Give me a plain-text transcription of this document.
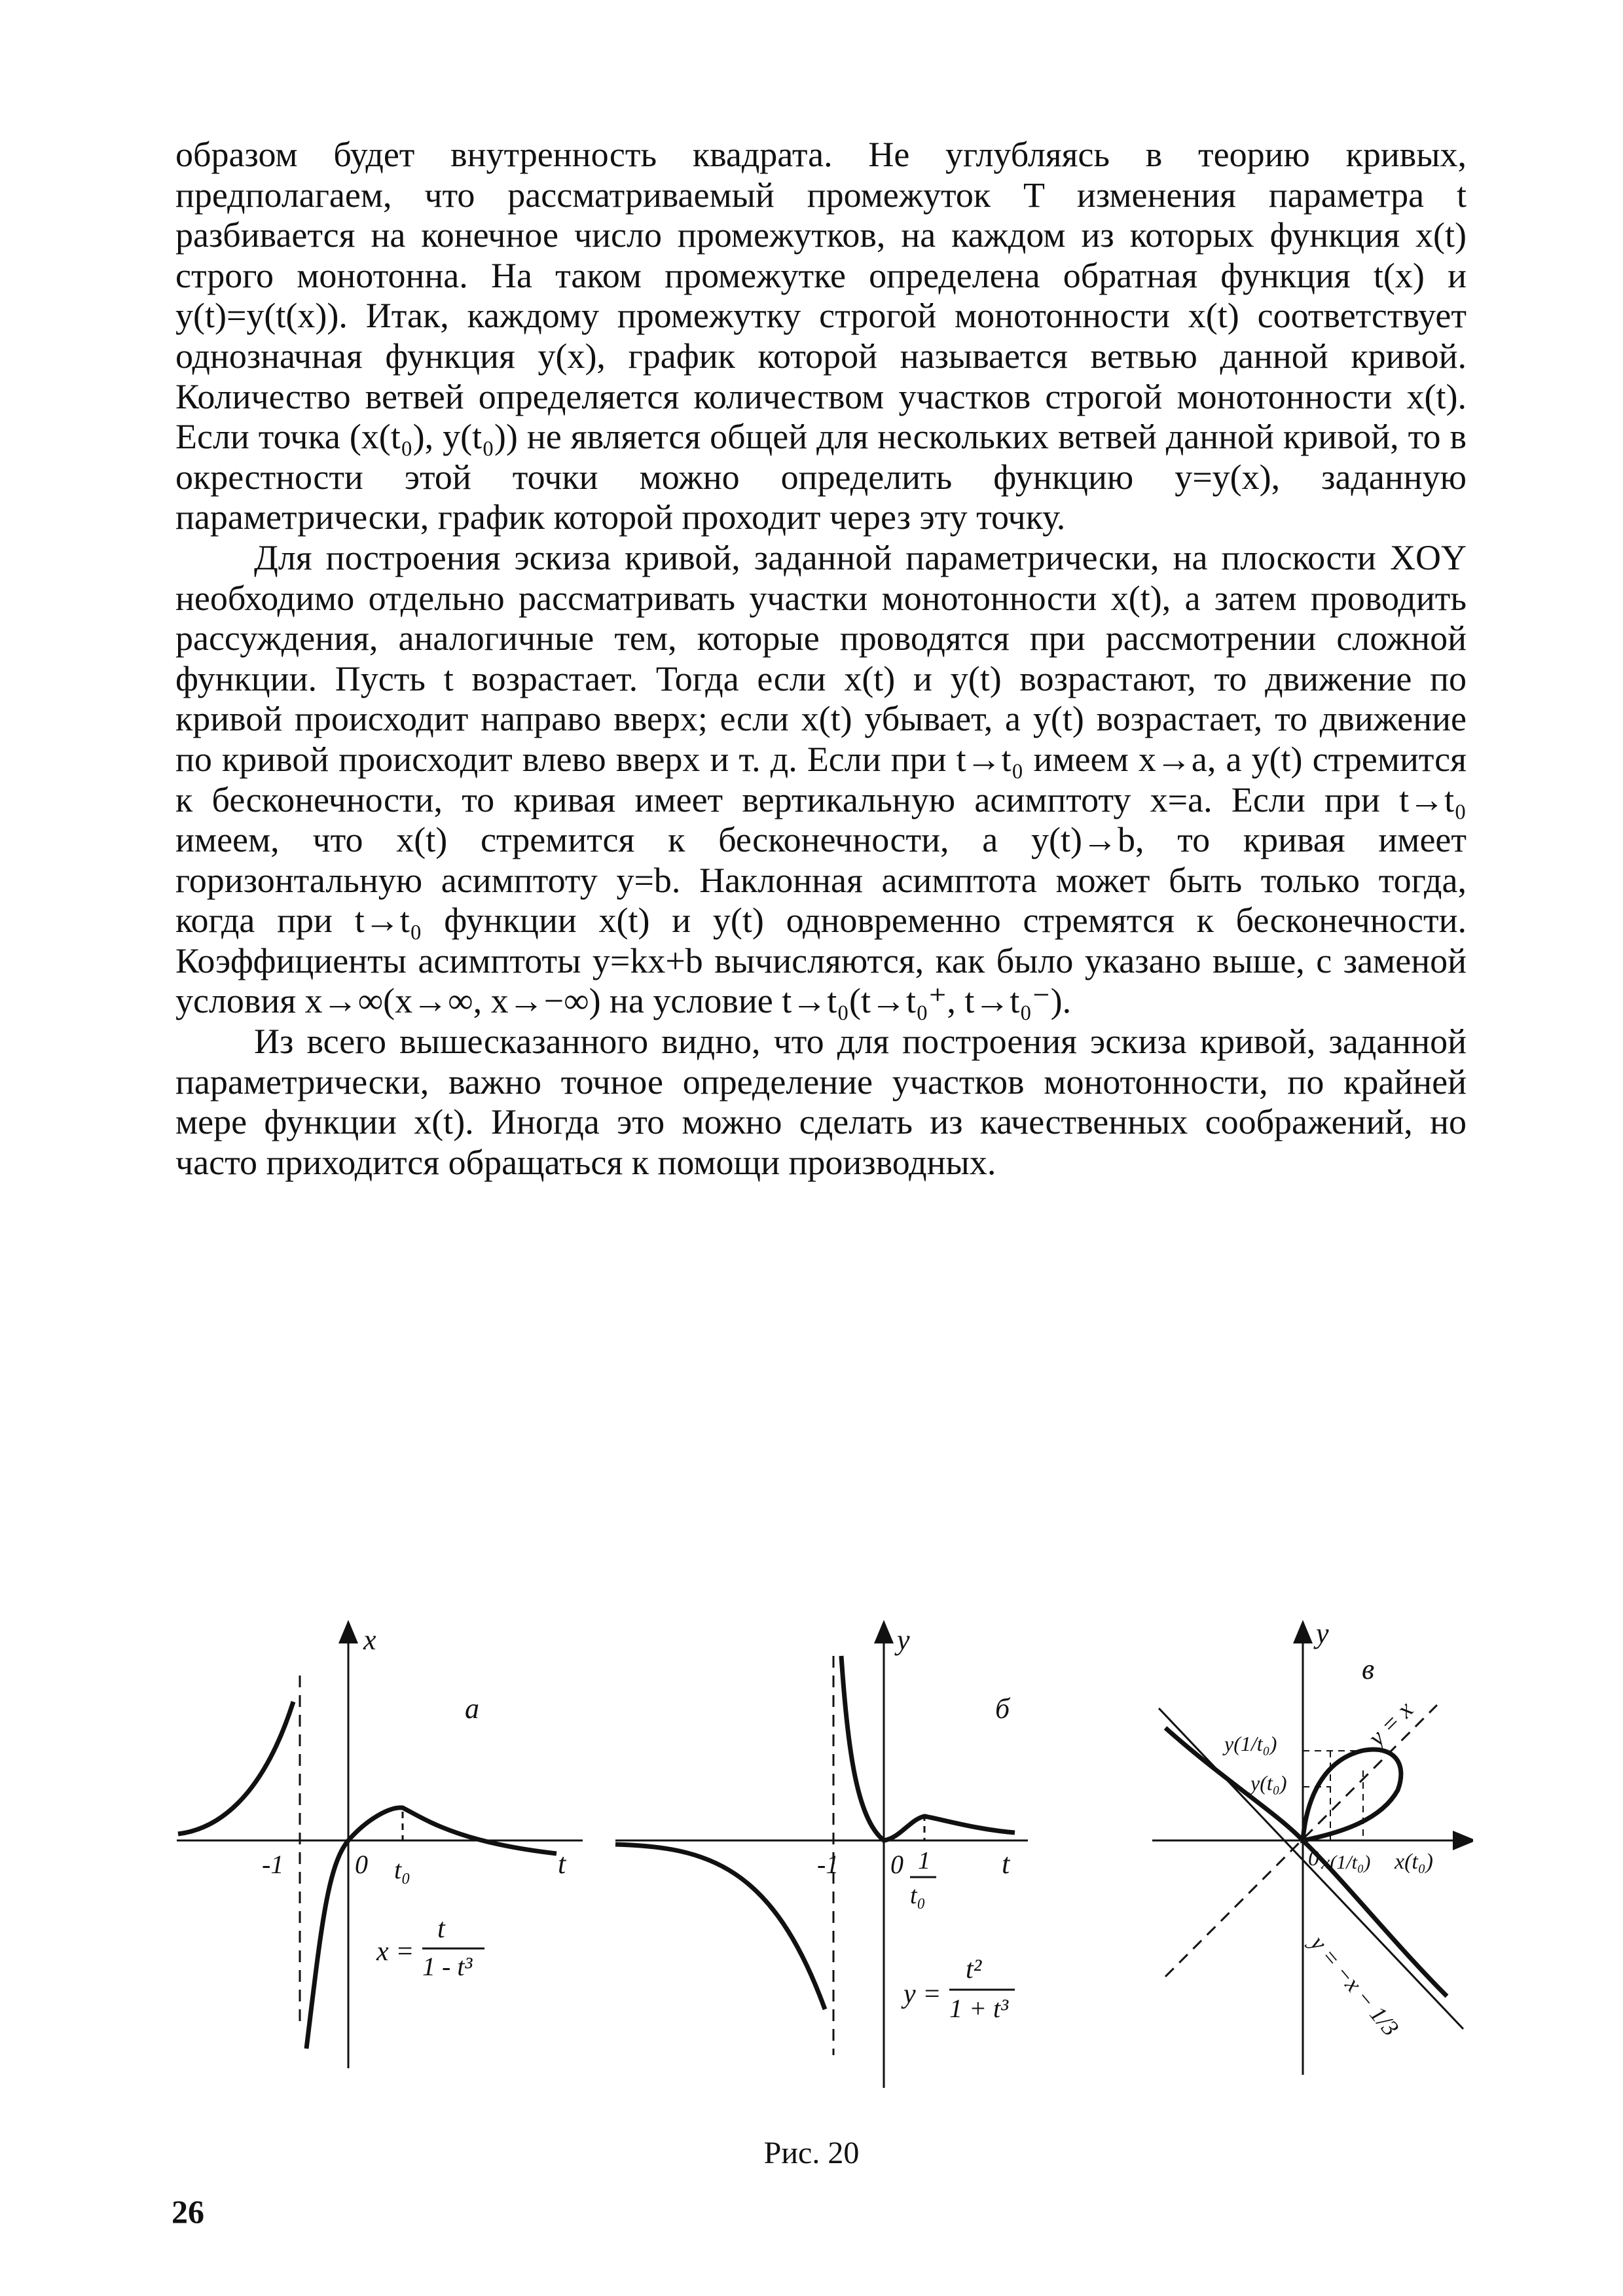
образом будет внутренность квадрата. Не углубляясь в теорию кривых, предполагаем, что рассматриваемый промежуток T изменения параметра t разбивается на конечное число промежутков, на каждом из которых функция x(t) строго монотонна. На таком промежутке определена обратная функция t(x) и y(t)=y(t(x)). Итак, каждому промежутку строгой монотонности x(t) соответствует однозначная функция y(x), график которой называется ветвью данной кривой. Количество ветвей определяется количеством участков строгой монотонности x(t). Если точка (x(t₀), y(t₀)) не является общей для нескольких ветвей данной кривой, то в окрестности этой точки можно определить функцию y=y(x), заданную параметрически, график которой проходит через эту точку.

Для построения эскиза кривой, заданной параметрически, на плоскости XOY необходимо отдельно рассматривать участки монотонности x(t), а затем проводить рассуждения, аналогичные тем, которые проводятся при рассмотрении сложной функции. Пусть t возрастает. Тогда если x(t) и y(t) возрастают, то движение по кривой происходит направо вверх; если x(t) убывает, а y(t) возрастает, то движение по кривой происходит влево вверх и т. д. Если при t→t₀ имеем x→a, а y(t) стремится к бесконечности, то кривая имеет вертикальную асимптоту x=a. Если при t→t₀ имеем, что x(t) стремится к бесконечности, а y(t)→b, то кривая имеет горизонтальную асимптоту y=b. Наклонная асимптота может быть только тогда, когда при t→t₀ функции x(t) и y(t) одновременно стремятся к бесконечности. Коэффициенты асимптоты y=kx+b вычисляются, как было указано выше, с заменой условия x→∞(x→∞, x→−∞) на условие t→t₀(t→t₀⁺, t→t₀⁻).

Из всего вышесказанного видно, что для построения эскиза кривой, заданной параметрически, важно точное определение участков монотонности, по крайней мере функции x(t). Иногда это можно сделать из качественных соображений, но часто приходится обращаться к помощи производных.

x
а
-1	0 t₀	t
x =
t
1 - t³
y
б
-1 0 1
t₀
t
y =
t²
1 + t³
y
в
y = x
y(1/t₀)
y(t₀)
0 x(1/t₀) x(t₀)
y = −x − 1/3
Рис. 20
26
